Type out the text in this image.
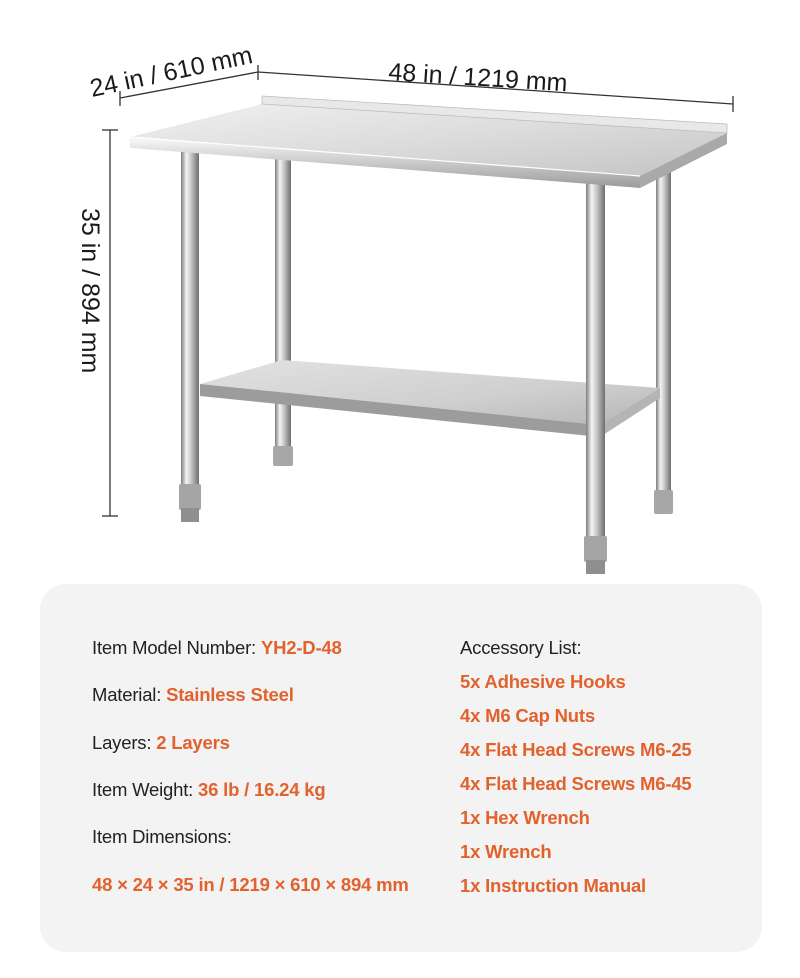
24 in / 610 mm	48 in / 1219 mm
35 in / 894 mm
Item Model Number: YH2-D-48
Material: Stainless Steel
Layers: 2 Layers
Item Weight: 36 lb / 16.24 kg
Item Dimensions:
48 × 24 × 35 in / 1219 × 610 × 894 mm
Accessory List:
5x Adhesive Hooks
4x M6 Cap Nuts
4x Flat Head Screws M6-25
4x Flat Head Screws M6-45
1x Hex Wrench
1x Wrench
1x Instruction Manual
